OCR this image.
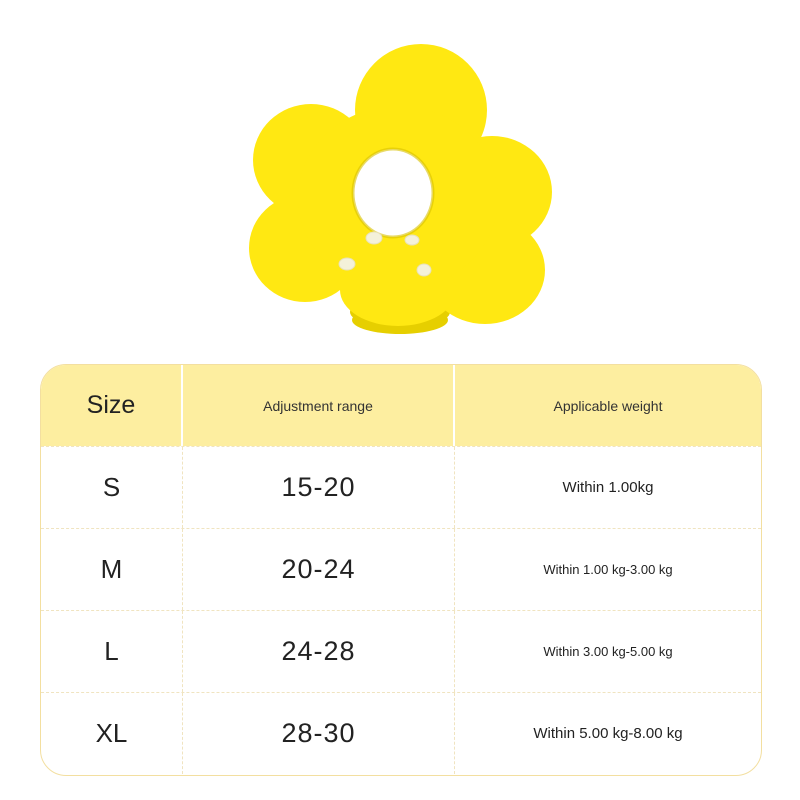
Size	Adjustment range	Applicable weight
S	15-20	Within 1.00kg
M	20-24	Within 1.00 kg-3.00 kg
L	24-28	Within 3.00 kg-5.00 kg
XL	28-30	Within 5.00 kg-8.00 kg
